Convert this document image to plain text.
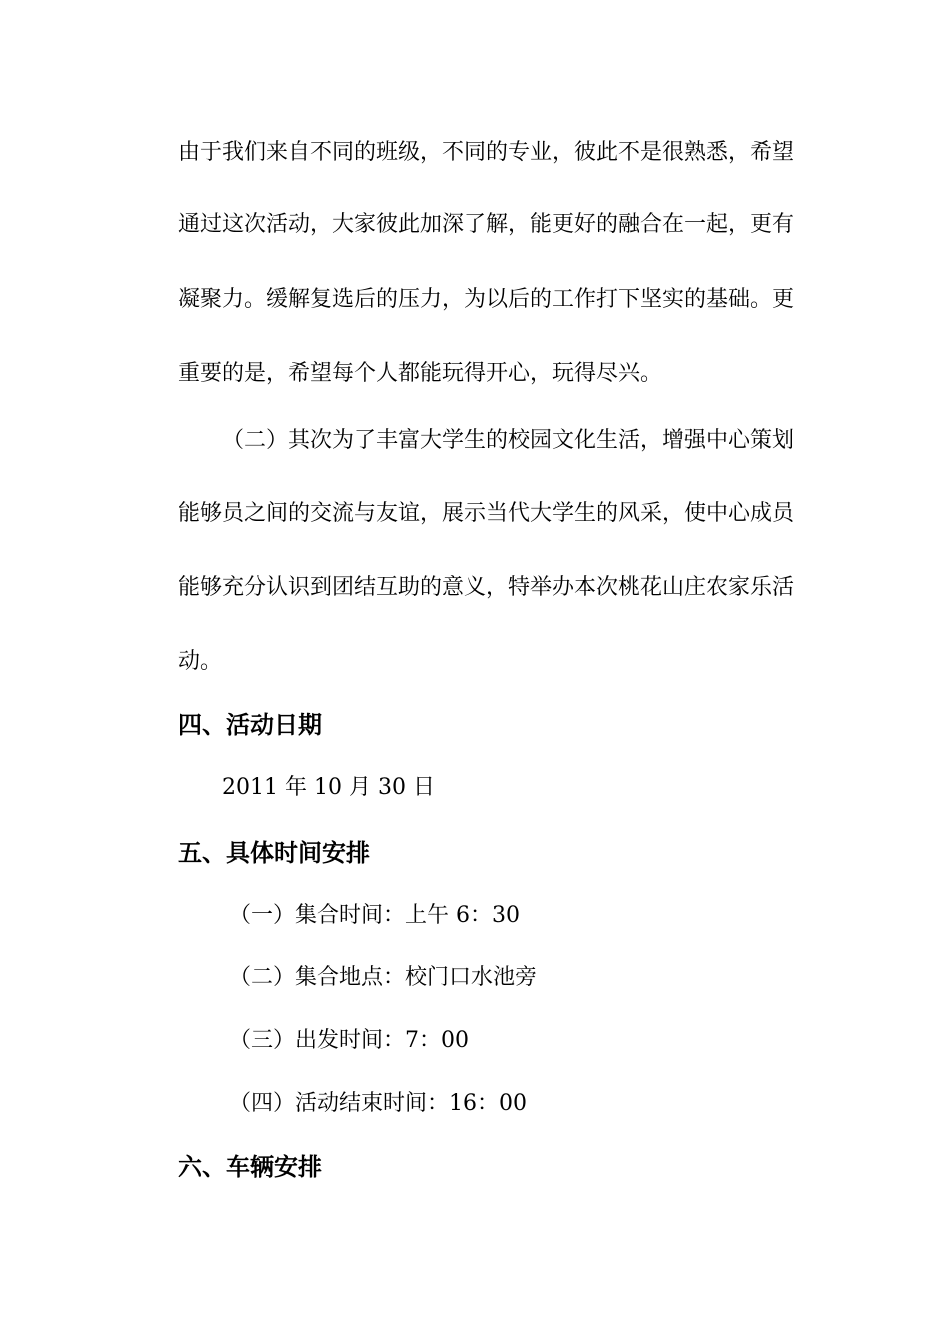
由于我们来自不同的班级，不同的专业，彼此不是很熟悉，希望
通过这次活动，大家彼此加深了解，能更好的融合在一起，更有
凝聚力。缓解复选后的压力，为以后的工作打下坚实的基础。更
重要的是，希望每个人都能玩得开心，玩得尽兴。
（二）其次为了丰富大学生的校园文化生活，增强中心策划
能够员之间的交流与友谊，展示当代大学生的风采，使中心成员
能够充分认识到团结互助的意义，特举办本次桃花山庄农家乐活
动。
四、活动日期
2011 年 10 月 30 日
五、具体时间安排
（一）集合时间：上午 6：30
（二）集合地点：校门口水池旁
（三）出发时间：7：00
（四）活动结束时间：16：00
六、车辆安排
